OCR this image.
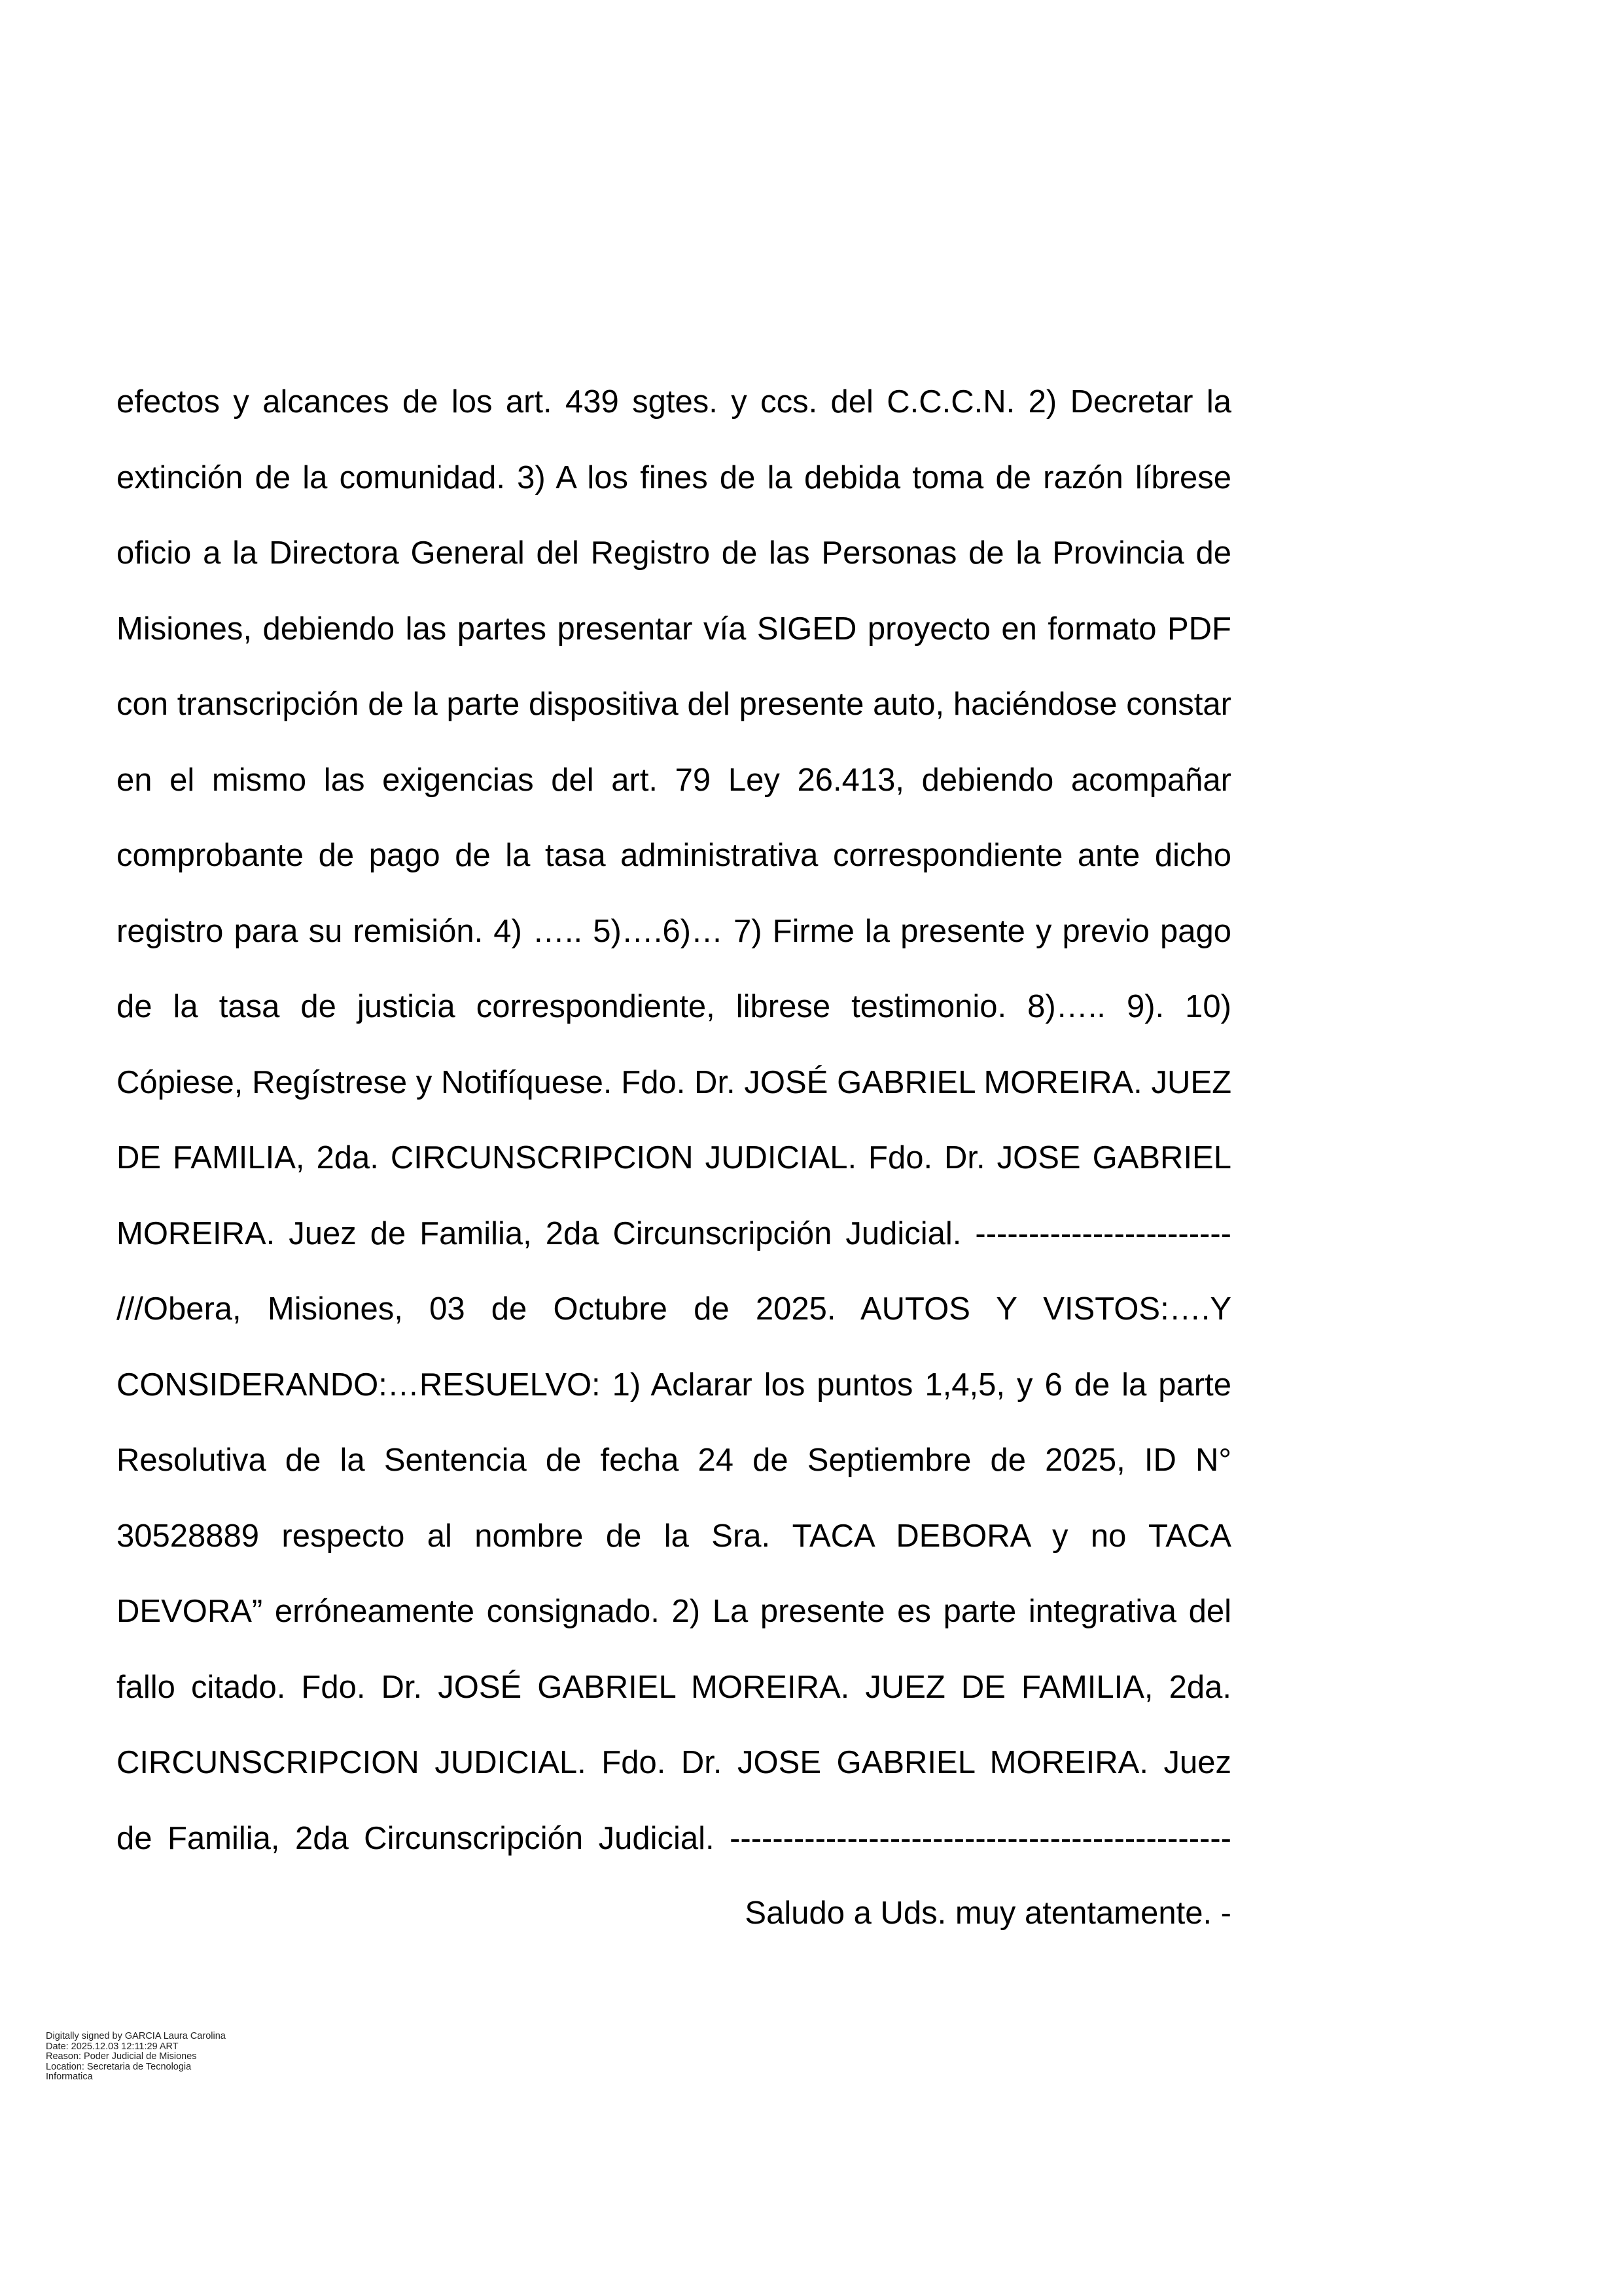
efectos y alcances de los art. 439 sgtes. y ccs. del C.C.C.N. 2) Decretar la
extinción de la comunidad. 3) A los fines de la debida toma de razón líbrese
oficio a la Directora General del Registro de las Personas de la Provincia de
Misiones, debiendo las partes presentar vía SIGED proyecto en formato PDF
con transcripción de la parte dispositiva del presente auto, haciéndose constar
en el mismo las exigencias del art. 79 Ley 26.413, debiendo acompañar
comprobante de pago de la tasa administrativa correspondiente ante dicho
registro para su remisión. 4) ….. 5)….6)… 7) Firme la presente y previo pago
de la tasa de justicia correspondiente, librese testimonio. 8)….. 9). 10)
Cópiese, Regístrese y Notifíquese. Fdo. Dr. JOSÉ GABRIEL MOREIRA. JUEZ
DE FAMILIA, 2da. CIRCUNSCRIPCION JUDICIAL. Fdo. Dr. JOSE GABRIEL
MOREIRA. Juez de Familia, 2da Circunscripción Judicial. ------------------------
///Obera, Misiones, 03 de Octubre de 2025. AUTOS Y VISTOS:….Y
CONSIDERANDO:…RESUELVO: 1) Aclarar los puntos 1,4,5, y 6 de la parte
Resolutiva de la Sentencia de fecha 24 de Septiembre de 2025, ID N°
30528889 respecto al nombre de la Sra. TACA DEBORA y no TACA
DEVORA” erróneamente consignado. 2) La presente es parte integrativa del
fallo citado. Fdo. Dr. JOSÉ GABRIEL MOREIRA. JUEZ DE FAMILIA, 2da.
CIRCUNSCRIPCION JUDICIAL. Fdo. Dr. JOSE GABRIEL MOREIRA. Juez
de Familia, 2da Circunscripción Judicial. -----------------------------------------------
Saludo a Uds. muy atentamente. -
Digitally signed by GARCIA Laura Carolina
Date: 2025.12.03 12:11:29 ART
Reason: Poder Judicial de Misiones
Location: Secretaria de Tecnologia
Informatica
